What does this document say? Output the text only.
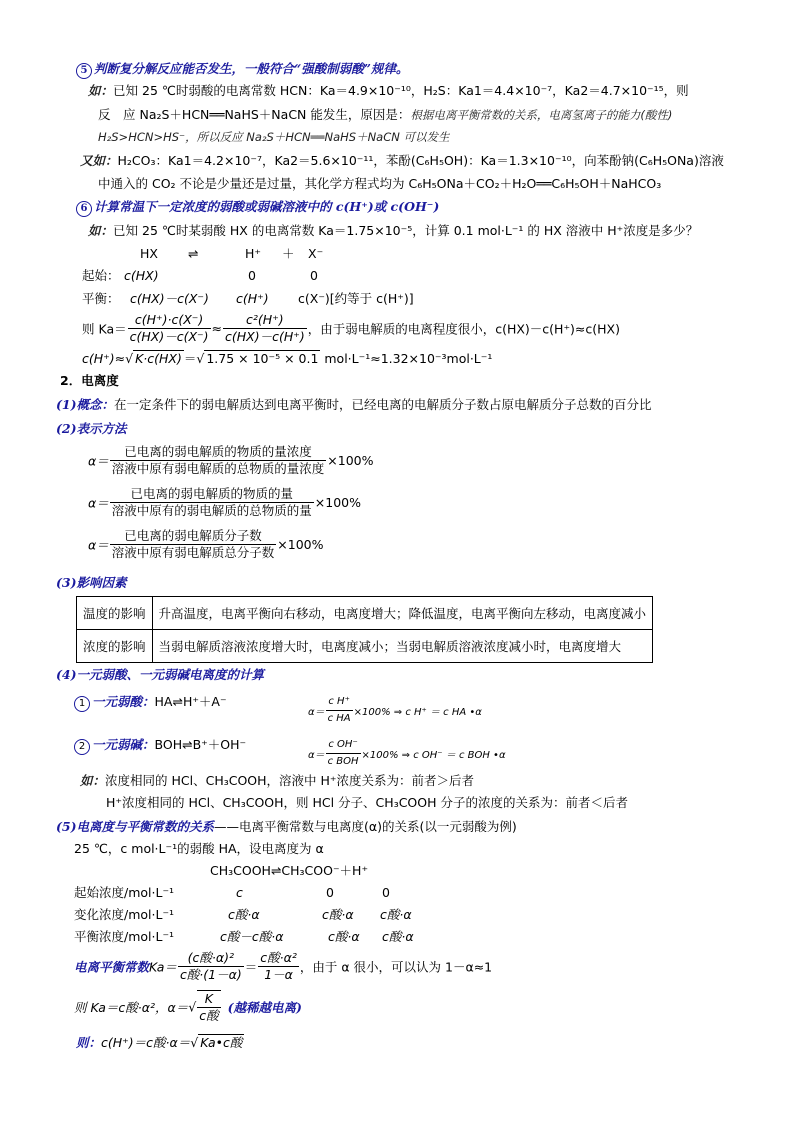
5 判断复分解反应能否发生，一般符合“强酸制弱酸”规律。
如：已知 25 ℃时弱酸的电离常数 HCN：Ka＝4.9×10⁻¹⁰，H₂S：Ka1＝4.4×10⁻⁷，Ka2＝4.7×10⁻¹⁵，则
反　应 Na₂S＋HCN══NaHS＋NaCN 能发生，原因是：根据电离平衡常数的关系，电离氢离子的能力(酸性)
H₂S>HCN>HS⁻，所以反应 Na₂S＋HCN══NaHS＋NaCN 可以发生
又如：H₂CO₃：Ka1＝4.2×10⁻⁷，Ka2＝5.6×10⁻¹¹，苯酚(C₆H₅OH)：Ka＝1.3×10⁻¹⁰，向苯酚钠(C₆H₅ONa)溶液
中通入的 CO₂ 不论是少量还是过量，其化学方程式均为 C₆H₅ONa＋CO₂＋H₂O══C₆H₅OH＋NaHCO₃
6 计算常温下一定浓度的弱酸或弱碱溶液中的 c(H⁺)或 c(OH⁻)
如：已知 25 ℃时某弱酸 HX 的电离常数 Ka＝1.75×10⁻⁵，计算 0.1 mol·L⁻¹ 的 HX 溶液中 H⁺浓度是多少？
HX ⇌	H⁺ ＋ X⁻
起始： c(HX)	0	0
平衡： c(HX)－c(X⁻) c(H⁺) c(X⁻)[约等于 c(H⁺)]
则 $Ka= \frac{c(H^+)\cdot c(X^-)}{c(HX)-c(X^-)} \approx \frac{\text{c²(H⁺)}}{c(HX)-c(H^+)}$ ，由于弱电解质的电离程度很小，c(HX)－c(H⁺)≈c(HX)
c(H⁺)≈√ K·c(HX) ＝√ 1.75 × 10⁻⁵ × 0.1 mol·L⁻¹≈1.32×10⁻³mol·L⁻¹
2．电离度
(1)概念：在一定条件下的弱电解质达到电离平衡时，已经电离的电解质分子数占原电解质分子总数的百分比
(2)表示方法
$\alpha= \frac{\text{已电离的弱电解质的物质的量浓度}}{\text{溶液中原有弱电解质的总物质的量浓度}} \times 100\%$
$\alpha= \frac{\text{已电离的弱电解质的物质的量}}{\text{溶液中原有的弱电解质的总物质的量}} \times 100\%$
$\alpha= \frac{\text{已电离的弱电解质分子数}}{\text{溶液中原有弱电解质总分子数}} \times 100\%$
(3)影响因素
温度的影响	升高温度，电离平衡向右移动，电离度增大；降低温度，电离平衡向左移动，电离度减小
浓度的影响	当弱电解质溶液浓度增大时，电离度减小；当弱电解质溶液浓度减小时，电离度增大
(4)一元弱酸、一元弱碱电离度的计算
1 一元弱酸：HA⇌H⁺＋A⁻
$\alpha= \frac{\text{c H⁺}}{\text{c HA}} \times 100\%$ ⇒ c H⁺ ＝ c HA •α
2 一元弱碱：BOH⇌B⁺＋OH⁻
$\alpha= \frac{\text{c OH⁻}}{\text{c BOH}} \times 100\%$ ⇒ c OH⁻ ＝ c BOH •α
如：浓度相同的 HCl、CH₃COOH，溶液中 H⁺浓度关系为：前者＞后者
H⁺浓度相同的 HCl、CH₃COOH，则 HCl 分子、CH₃COOH 分子的浓度的关系为：前者＜后者
(5)电离度与平衡常数的关系——电离平衡常数与电离度(α)的关系(以一元弱酸为例)
25 ℃，c mol·L⁻¹的弱酸 HA，设电离度为 α
CH₃COOH⇌CH₃COO⁻＋H⁺
起始浓度/mol·L⁻¹	c	0	0
变化浓度/mol·L⁻¹	c酸·α	c酸·α c酸·α
平衡浓度/mol·L⁻¹	c酸－c酸·α	c酸·α c酸·α
电离平衡常数$Ka= \frac{\text{(c酸·α)²}}{\text{c酸·(1－α)}} = \frac{\text{c酸·α²}}{1-\alpha}$ ，由于 α 很小，可以认为 1－α≈1
则 Ka＝c酸·α²，$\alpha=√ \frac{K}{\text{c酸}}$ (越稀越电离)
则：c(H⁺)＝c酸·α＝√ Ka•c酸
